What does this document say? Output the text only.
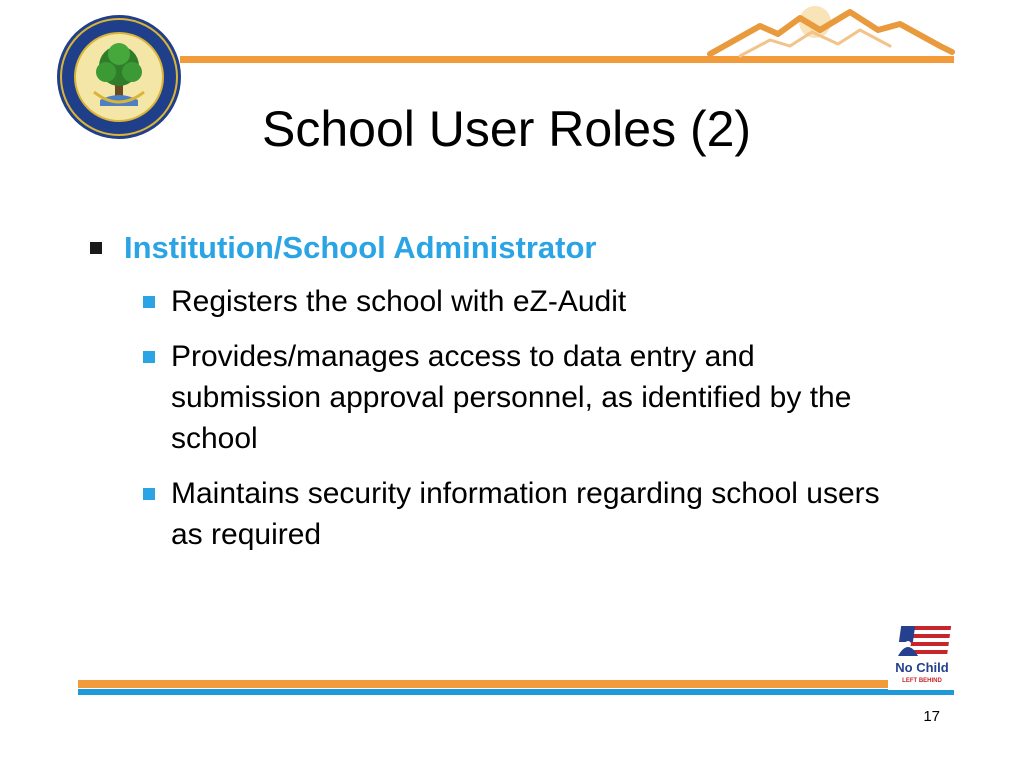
School User Roles (2)
Institution/School Administrator
Registers the school with eZ-Audit
Provides/manages access to data entry and submission approval personnel, as identified by the school
Maintains security information regarding school users as required
No Child
LEFT BEHIND
17
